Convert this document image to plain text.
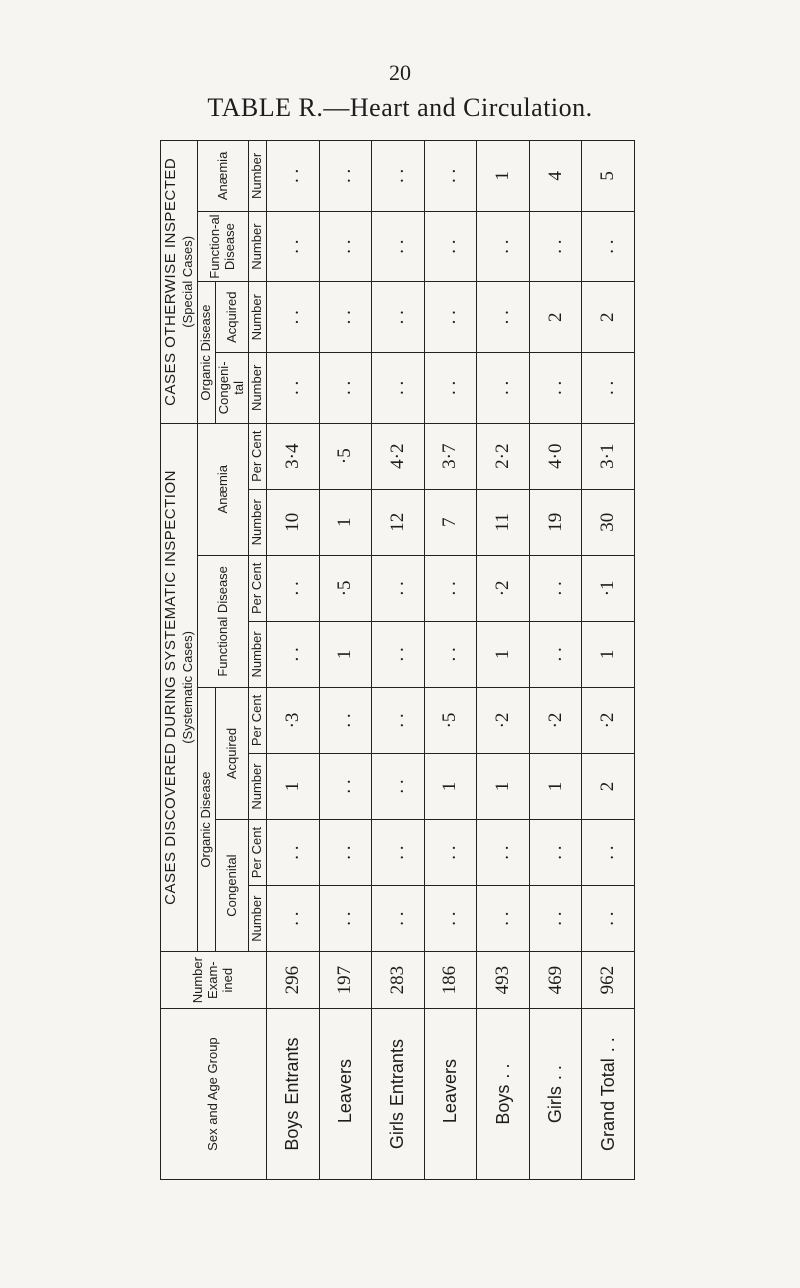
20
TABLE R.—Heart and Circulation.
Sex and Age Group	Number Exam-ined	CASES DISCOVERED DURING SYSTEMATIC INSPECTION (Systematic Cases)								CASES OTHERWISE INSPECTED (Special Cases)			

		Organic Disease				Functional Disease		Anæmia		Organic Disease		Function-al Disease	Anæmia
		Congenital		Acquired						Congeni-tal	Acquired		
		Number	Per Cent	Number	Per Cent	Number	Per Cent	Number	Per Cent	Number	Number	Number	Number
BoysEntrants	296	. .	. .	1	·3	. .	. .	10	3·4	. .	. .	. .	. .
Leavers	197	. .	. .	. .	. .	1	·5	1	·5	. .	. .	. .	. .
GirlsEntrants	283	. .	. .	. .	. .	. .	. .	12	4·2	. .	. .	. .	. .
Leavers	186	. .	. .	1	·5	. .	. .	7	3·7	. .	. .	. .	. .
Boys. .	493	. .	. .	1	·2	1	·2	11	2·2	. .	. .	. .	1
Girls. .	469	. .	. .	1	·2	. .	. .	19	4·0	. .	2	. .	4
Grand Total. .	962	. .	. .	2	·2	1	·1	30	3·1	. .	2	. .	5
